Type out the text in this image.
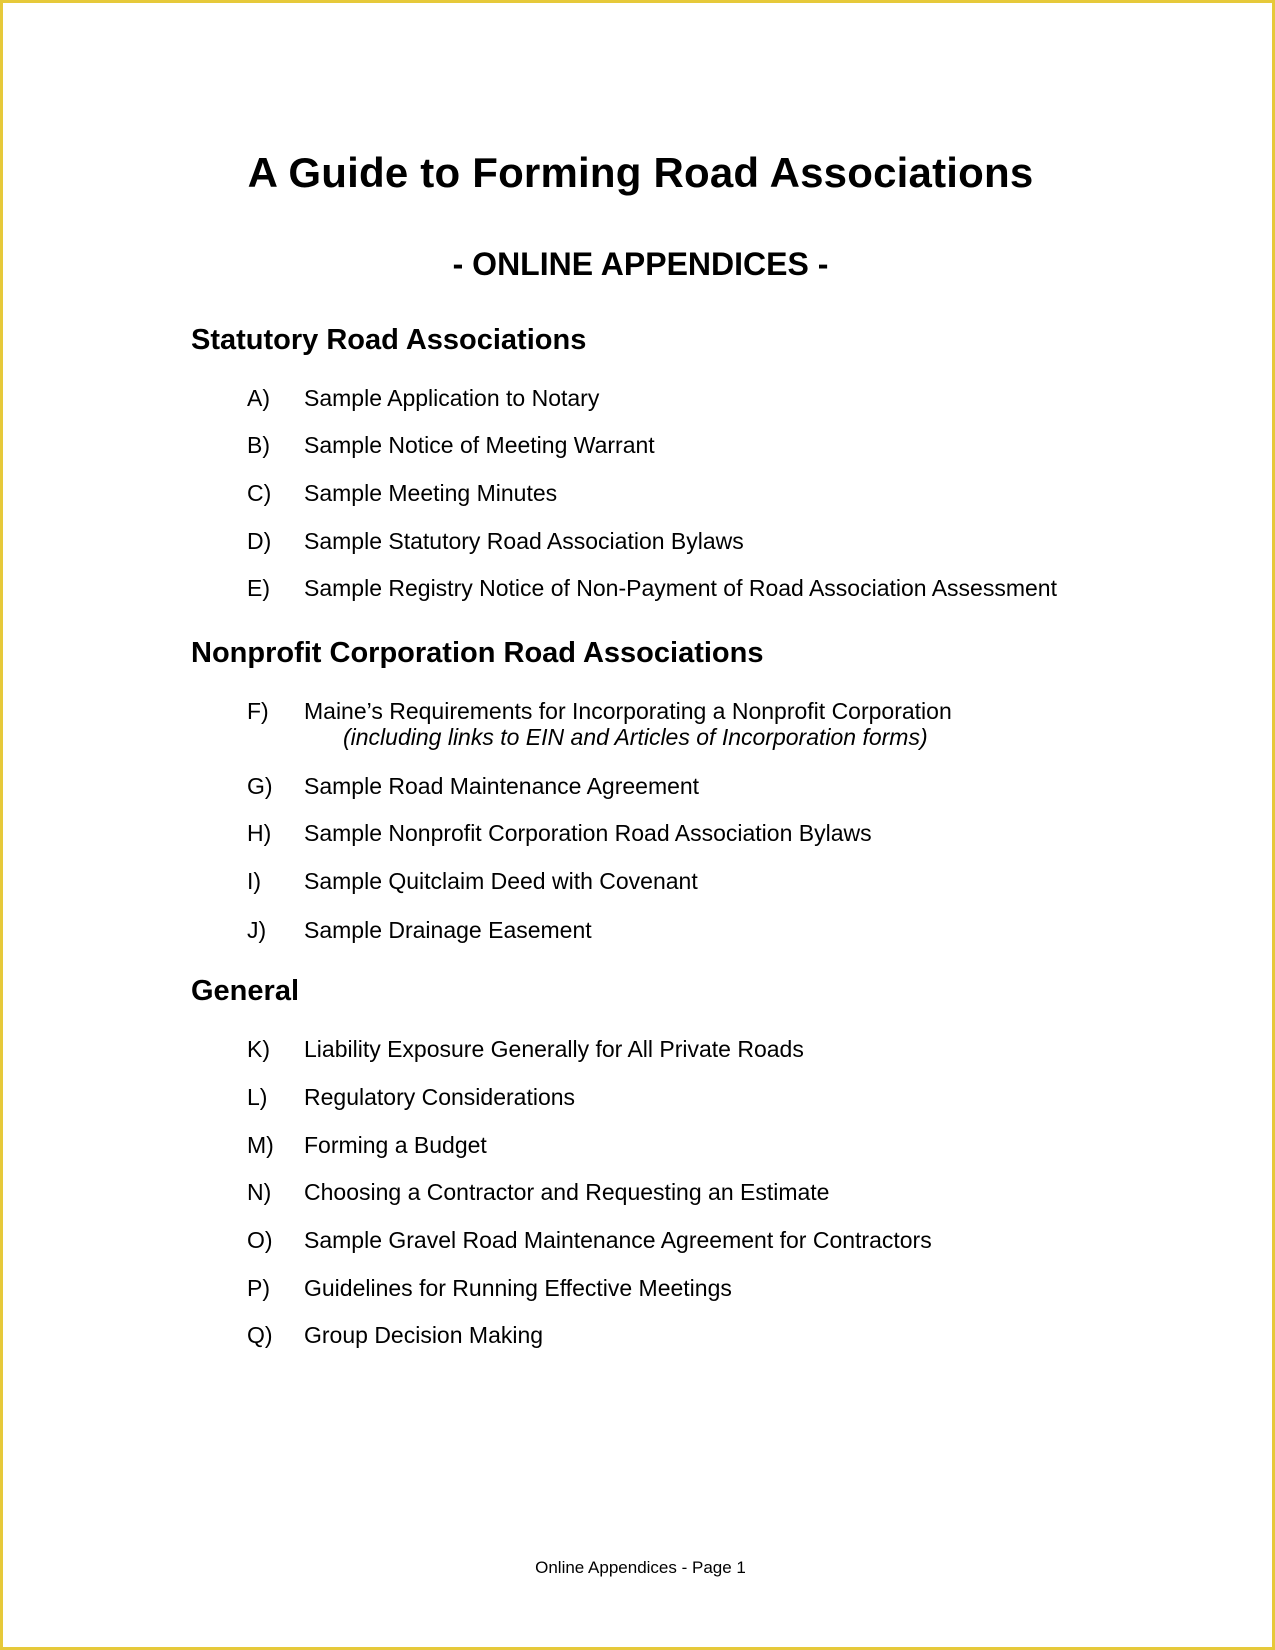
A Guide to Forming Road Associations
- ONLINE APPENDICES -
Statutory Road Associations
A) Sample Application to Notary
B) Sample Notice of Meeting Warrant
C) Sample Meeting Minutes
D) Sample Statutory Road Association Bylaws
E) Sample Registry Notice of Non-Payment of Road Association Assessment
Nonprofit Corporation Road Associations
F) Maine’s Requirements for Incorporating a Nonprofit Corporation
(including links to EIN and Articles of Incorporation forms)
G) Sample Road Maintenance Agreement
H) Sample Nonprofit Corporation Road Association Bylaws
I) Sample Quitclaim Deed with Covenant
J) Sample Drainage Easement
General
K) Liability Exposure Generally for All Private Roads
L) Regulatory Considerations
M) Forming a Budget
N) Choosing a Contractor and Requesting an Estimate
O) Sample Gravel Road Maintenance Agreement for Contractors
P) Guidelines for Running Effective Meetings
Q) Group Decision Making
Online Appendices - Page 1
